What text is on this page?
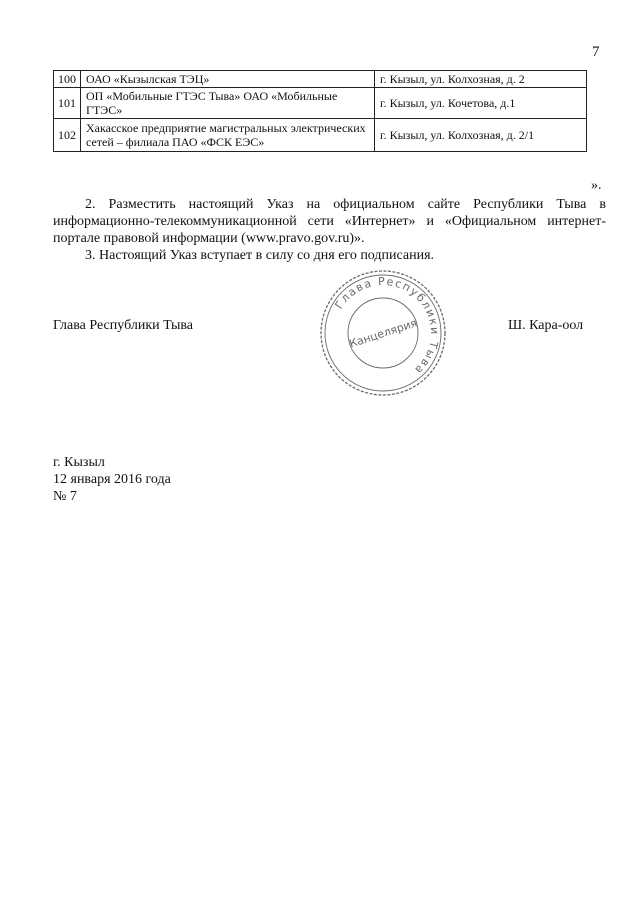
7
100	ОАО «Кызылская ТЭЦ»	г. Кызыл, ул. Колхозная, д. 2
101	ОП «Мобильные ГТЭС Тыва» ОАО «Мобильные ГТЭС»	г. Кызыл, ул. Кочетова, д.1
102	Хакасское предприятие магистральных электрических сетей – филиала ПАО «ФСК ЕЭС»	г. Кызыл, ул. Колхозная, д. 2/1
».
2. Разместить настоящий Указ на официальном сайте Республики Тыва в информационно-телекоммуникационной сети «Интернет» и «Официальном интернет-портале правовой информации (www.pravo.gov.ru)».
3. Настоящий Указ вступает в силу со дня его подписания.
Глава Республики Тыва
Глава Республики Тыва
Канцелярия	Ш. Кара-оол
г. Кызыл
12 января 2016 года
№ 7
